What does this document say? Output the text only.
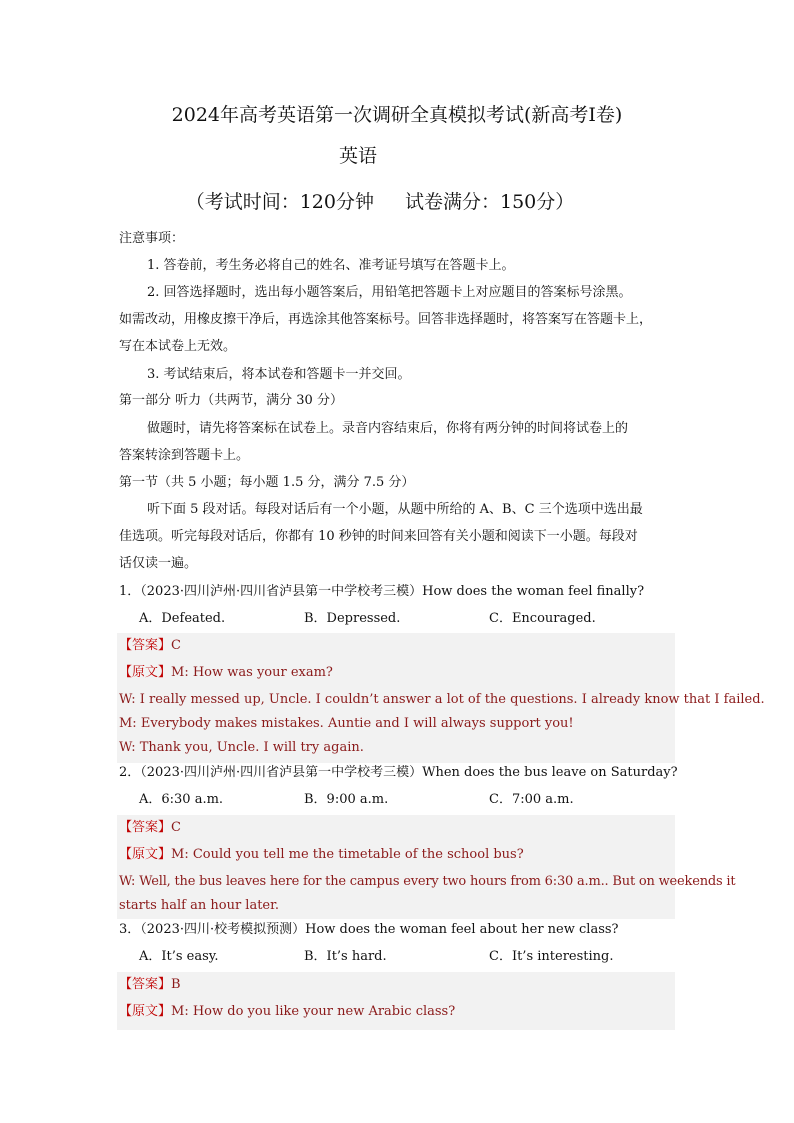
2024年高考英语第一次调研全真模拟考试(新高考I卷)
英语
（考试时间：120分钟　 试卷满分：150分）
注意事项：
1. 答卷前，考生务必将自己的姓名、准考证号填写在答题卡上。
2. 回答选择题时，选出每小题答案后，用铅笔把答题卡上对应题目的答案标号涂黑。
如需改动，用橡皮擦干净后，再选涂其他答案标号。回答非选择题时，将答案写在答题卡上，
写在本试卷上无效。
3. 考试结束后，将本试卷和答题卡一并交回。
第一部分 听力（共两节，满分 30 分）
做题时，请先将答案标在试卷上。录音内容结束后，你将有两分钟的时间将试卷上的
答案转涂到答题卡上。
第一节（共 5 小题；每小题 1.5 分，满分 7.5 分）
听下面 5 段对话。每段对话后有一个小题，从题中所给的 A、B、C 三个选项中选出最
佳选项。听完每段对话后，你都有 10 秒钟的时间来回答有关小题和阅读下一小题。每段对
话仅读一遍。
1．（2023·四川泸州·四川省泸县第一中学校考三模）How does the woman feel finally?
A．Defeated.	B．Depressed.	C．Encouraged.
【答案】C
【原文】M: How was your exam?
W: I really messed up, Uncle. I couldn’t answer a lot of the questions. I already know that I failed.
M: Everybody makes mistakes. Auntie and I will always support you!
W: Thank you, Uncle. I will try again.
2．（2023·四川泸州·四川省泸县第一中学校考三模）When does the bus leave on Saturday?
A．6:30 a.m.	B．9:00 a.m.	C．7:00 a.m.
【答案】C
【原文】M: Could you tell me the timetable of the school bus?
W: Well, the bus leaves here for the campus every two hours from 6:30 a.m.. But on weekends it
starts half an hour later.
3．（2023·四川·校考模拟预测）How does the woman feel about her new class?
A．It’s easy.	B．It’s hard.	C．It’s interesting.
【答案】B
【原文】M: How do you like your new Arabic class?
